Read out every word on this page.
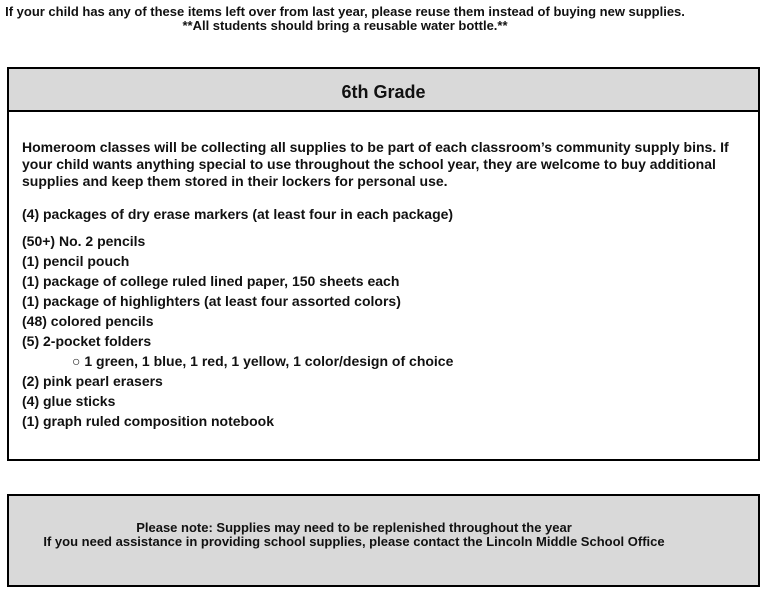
If your child has any of these items left over from last year, please reuse them instead of buying new supplies.
**All students should bring a reusable water bottle.**
6th Grade

Homeroom classes will be collecting all supplies to be part of each classroom’s community supply bins. If your child wants anything special to use throughout the school year, they are welcome to buy additional supplies and keep them stored in their lockers for personal use.

(4) packages of dry erase markers (at least four in each package)

(50+) No. 2 pencils
(1) pencil pouch
(1) package of college ruled lined paper, 150 sheets each
(1) package of highlighters (at least four assorted colors)
(48) colored pencils
(5) 2-pocket folders
○ 1 green, 1 blue, 1 red, 1 yellow, 1 color/design of choice
(2) pink pearl erasers
(4) glue sticks
(1) graph ruled composition notebook

Please note: Supplies may need to be replenished throughout the year
If you need assistance in providing school supplies, please contact the Lincoln Middle School Office
